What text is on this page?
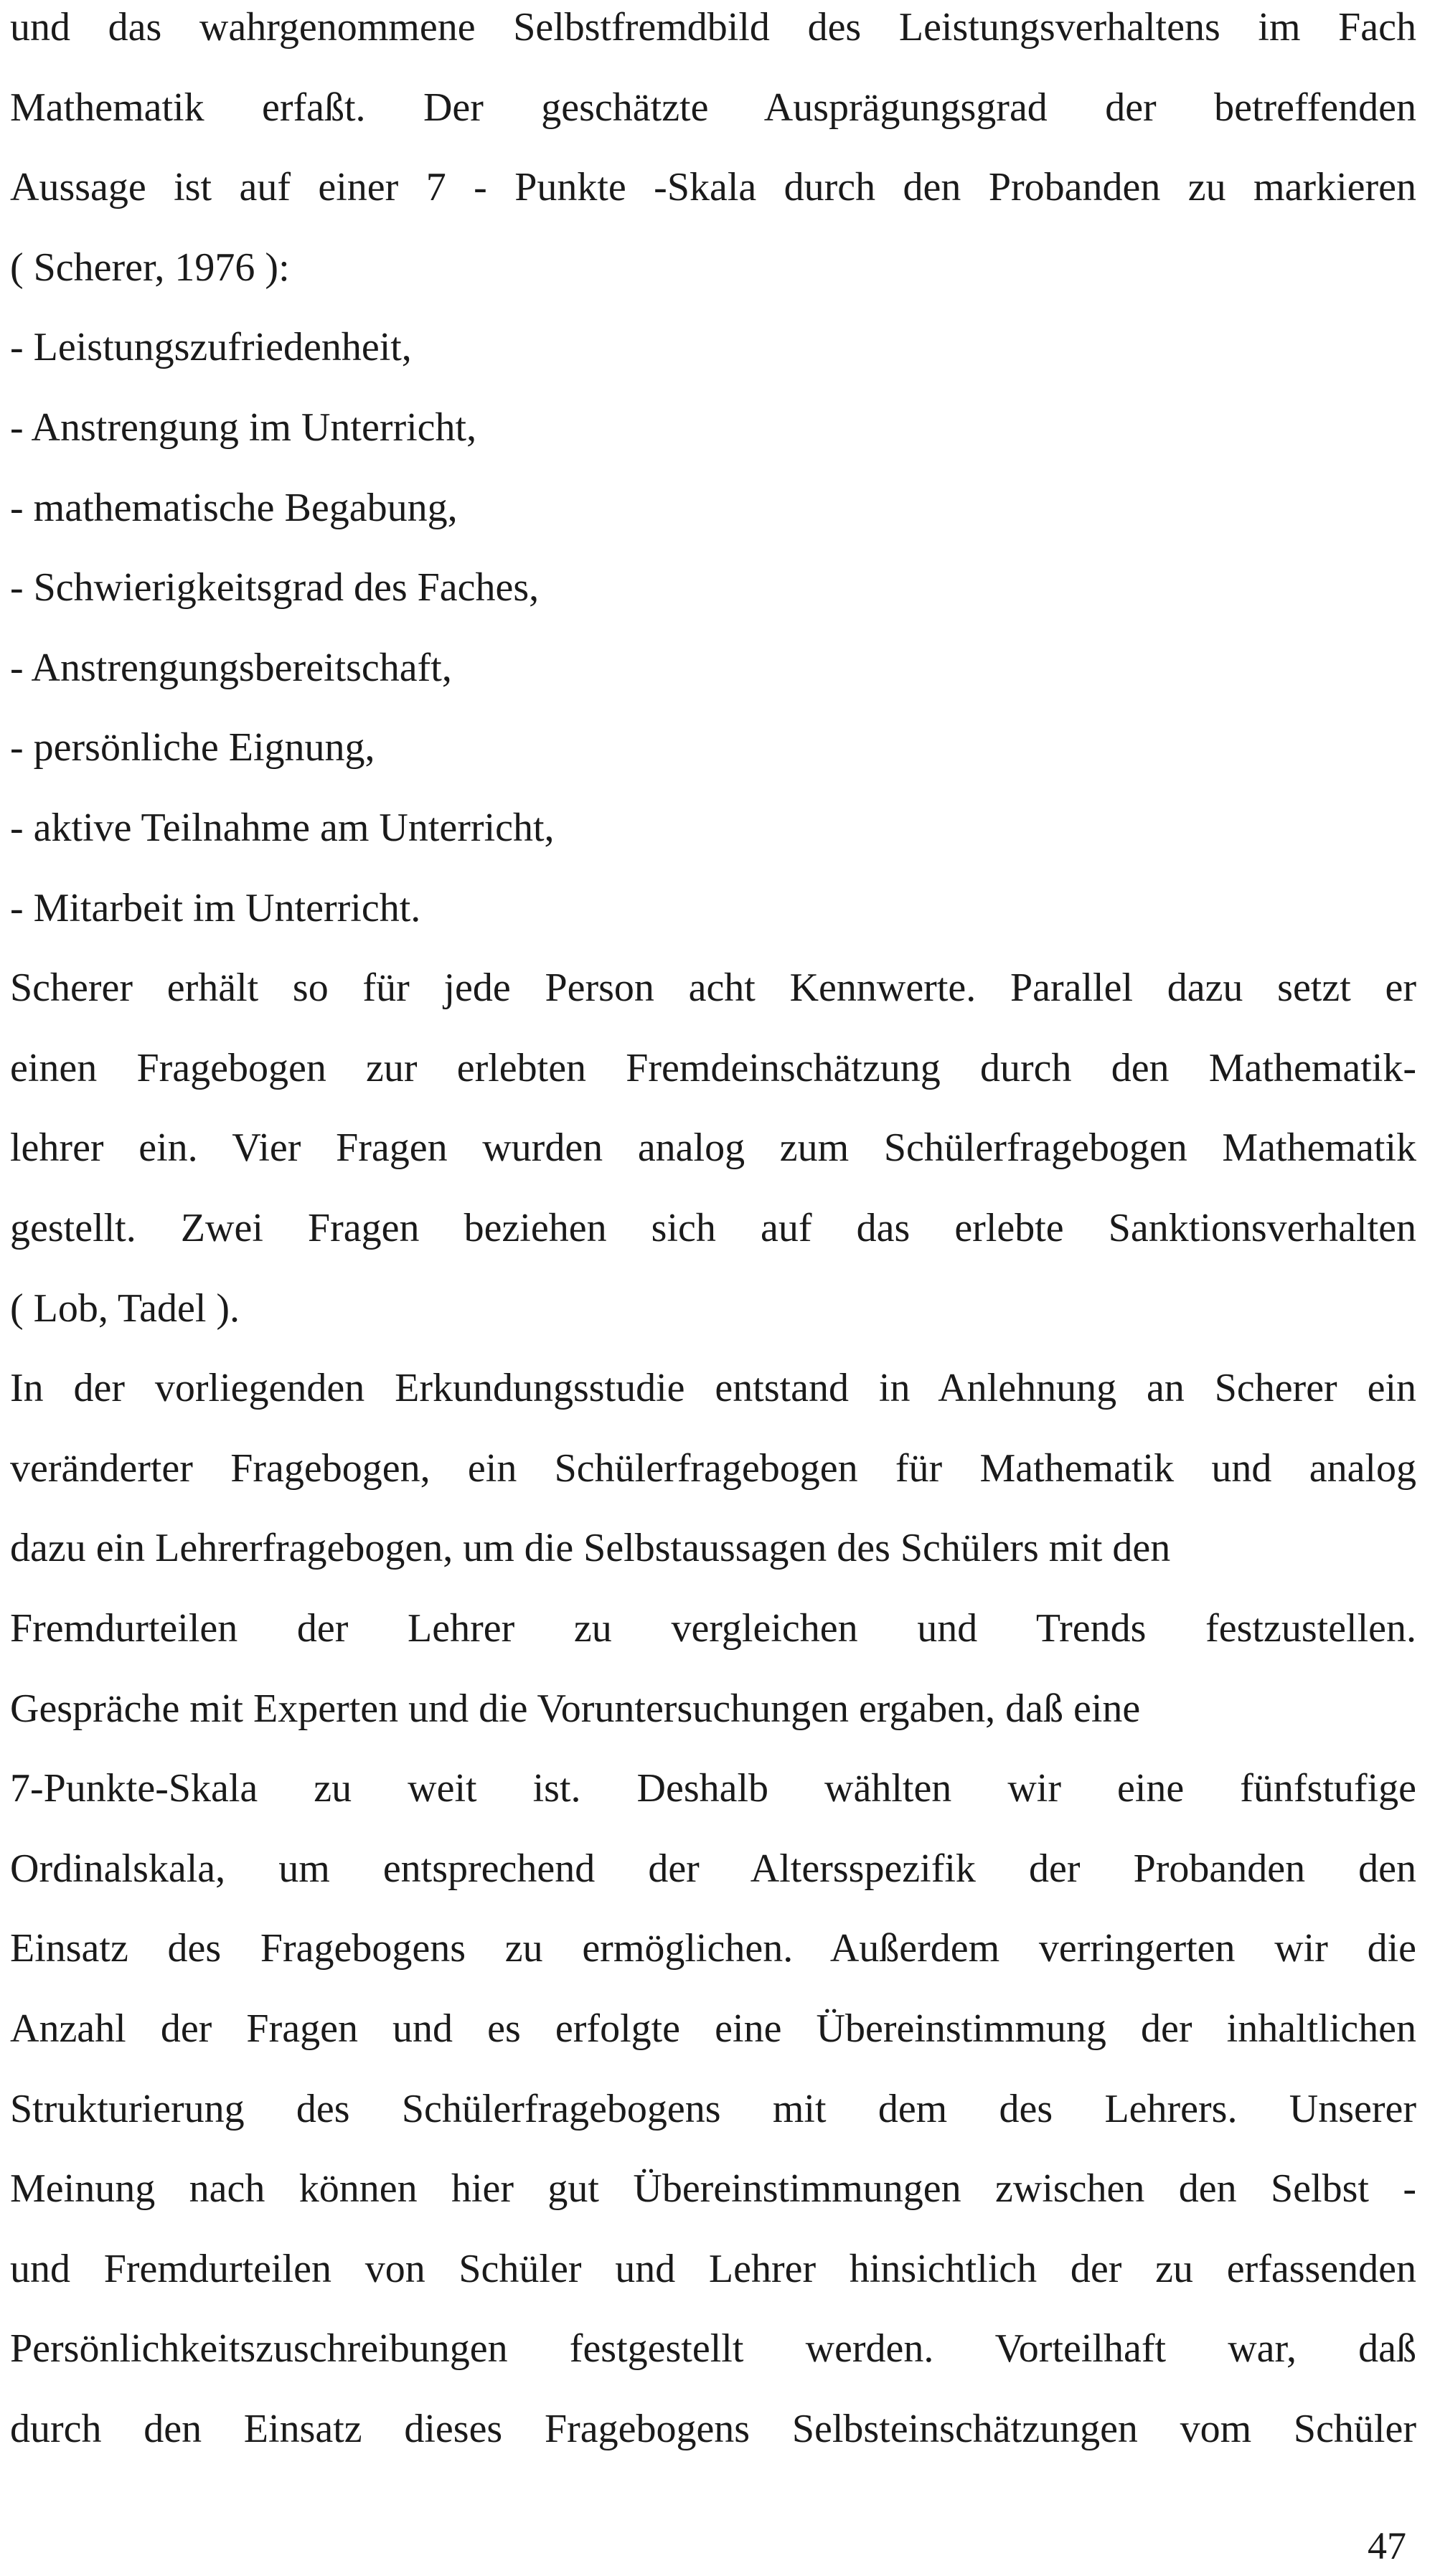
und das wahrgenommene Selbstfremdbild des Leistungsverhaltens im Fach
Mathematik erfaßt. Der geschätzte Ausprägungsgrad der betreffenden
Aussage ist auf einer 7 - Punkte -Skala durch den Probanden zu markieren
( Scherer, 1976 ):
- Leistungszufriedenheit,
- Anstrengung im Unterricht,
- mathematische Begabung,
- Schwierigkeitsgrad des Faches,
- Anstrengungsbereitschaft,
- persönliche Eignung,
- aktive Teilnahme am Unterricht,
- Mitarbeit im Unterricht.
Scherer erhält so für jede Person acht Kennwerte. Parallel dazu setzt er
einen Fragebogen zur erlebten Fremdeinschätzung durch den Mathematik-
lehrer ein. Vier Fragen wurden analog zum Schülerfragebogen Mathematik
gestellt. Zwei Fragen beziehen sich auf das erlebte Sanktionsverhalten
( Lob, Tadel ).
In der vorliegenden Erkundungsstudie entstand in Anlehnung an Scherer ein
veränderter Fragebogen, ein Schülerfragebogen für Mathematik und analog
dazu ein Lehrerfragebogen, um die Selbstaussagen des Schülers mit den
Fremdurteilen der Lehrer zu vergleichen und Trends festzustellen.
Gespräche mit Experten und die Voruntersuchungen ergaben, daß eine
7-Punkte-Skala zu weit ist. Deshalb wählten wir eine fünfstufige
Ordinalskala, um entsprechend der Altersspezifik der Probanden den
Einsatz des Fragebogens zu ermöglichen. Außerdem verringerten wir die
Anzahl der Fragen und es erfolgte eine Übereinstimmung der inhaltlichen
Strukturierung des Schülerfragebogens mit dem des Lehrers. Unserer
Meinung nach können hier gut Übereinstimmungen zwischen den Selbst -
und Fremdurteilen von Schüler und Lehrer hinsichtlich der zu erfassenden
Persönlichkeitszuschreibungen festgestellt werden. Vorteilhaft war, daß
durch den Einsatz dieses Fragebogens Selbsteinschätzungen vom Schüler
47
